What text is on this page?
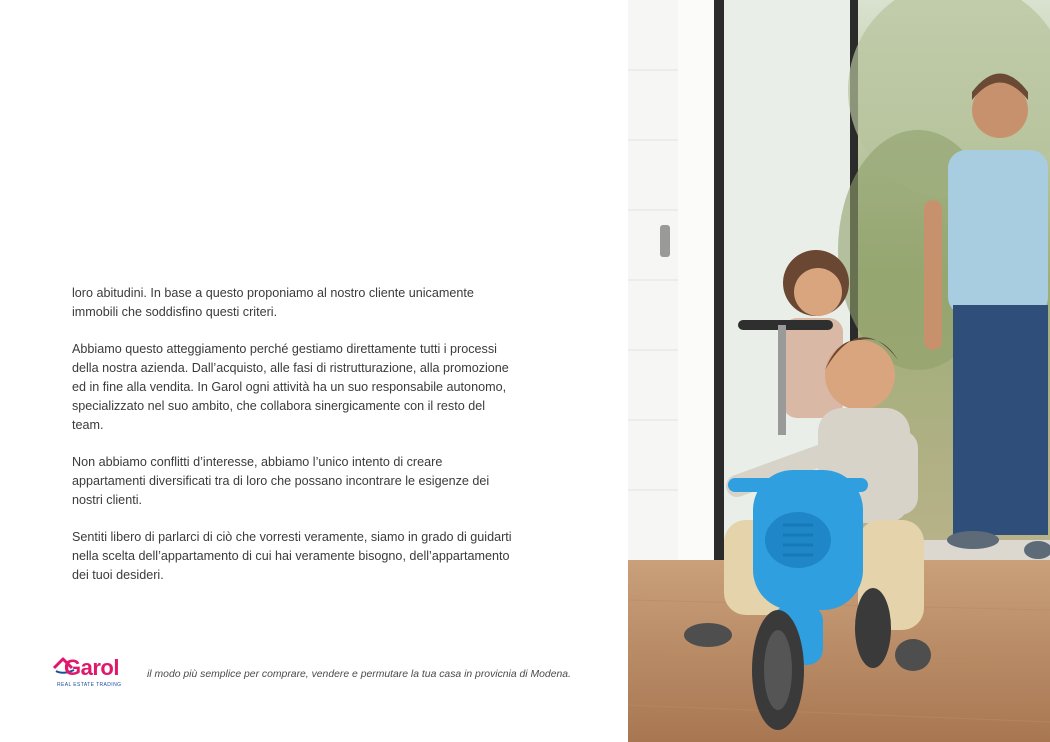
loro abitudini. In base a questo proponiamo al nostro cliente unicamente immobili che soddisfino questi criteri.

Abbiamo questo atteggiamento perché gestiamo direttamente tutti i processi della nostra azienda. Dall’acquisto, alle fasi di ristrutturazione, alla promozione ed in fine alla vendita. In Garol ogni attività ha un suo responsabile autonomo, specializzato nel suo ambito, che collabora sinergicamente con il resto del team.

Non abbiamo conflitti d’interesse, abbiamo l’unico intento di creare appartamenti diversificati tra di loro che possano incontrare le esigenze dei nostri clienti.

Sentiti libero di parlarci di ciò che vorresti veramente, siamo in grado di guidarti nella scelta dell’appartamento di cui hai veramente bisogno, dell’appartamento dei tuoi desideri.

Garol
REAL ESTATE TRADING
il modo più semplice per comprare, vendere e permutare la tua casa in provicnia di Modena.
